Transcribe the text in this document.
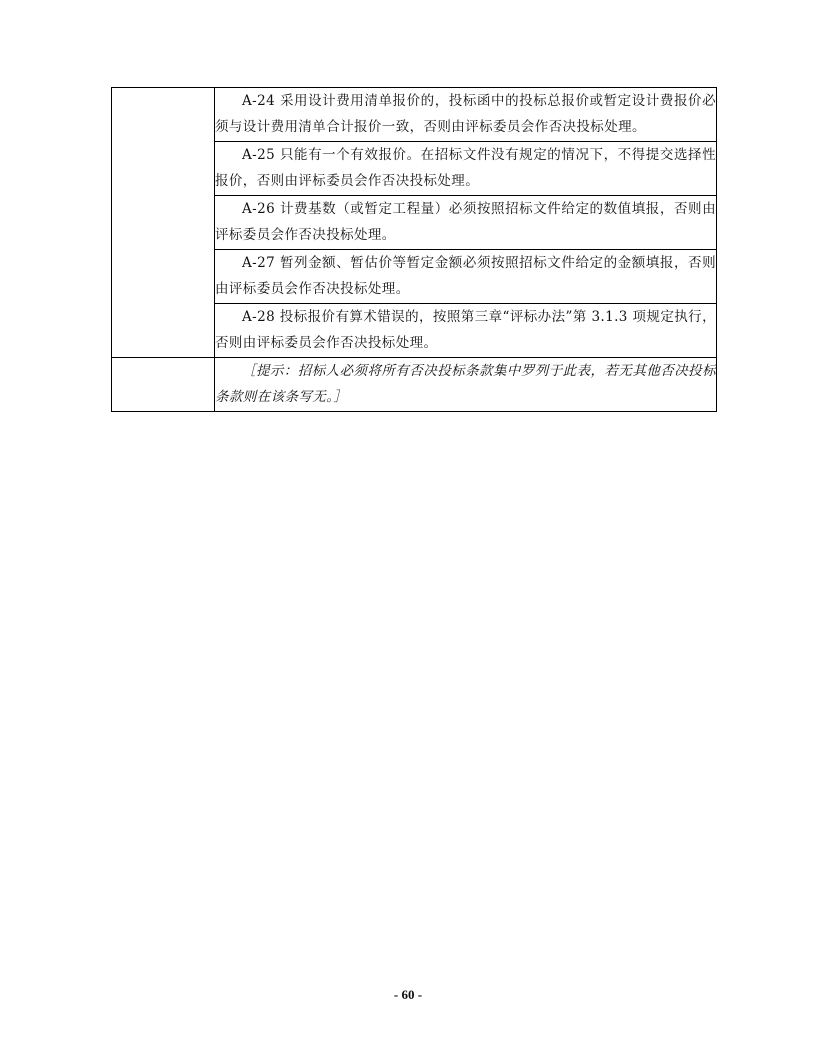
	A-24 采用设计费用清单报价的，投标函中的投标总报价或暂定设计费报价必须与设计费用清单合计报价一致，否则由评标委员会作否决投标处理。

	A-25 只能有一个有效报价。在招标文件没有规定的情况下，不得提交选择性报价，否则由评标委员会作否决投标处理。

	A-26 计费基数（或暂定工程量）必须按照招标文件给定的数值填报，否则由评标委员会作否决投标处理。

	A-27 暂列金额、暂估价等暂定金额必须按照招标文件给定的金额填报，否则由评标委员会作否决投标处理。

	A-28 投标报价有算术错误的，按照第三章“评标办法”第 3.1.3 项规定执行，否则由评标委员会作否决投标处理。

	［提示：招标人必须将所有否决投标条款集中罗列于此表，若无其他否决投标条款则在该条写无。］

- 60 -
